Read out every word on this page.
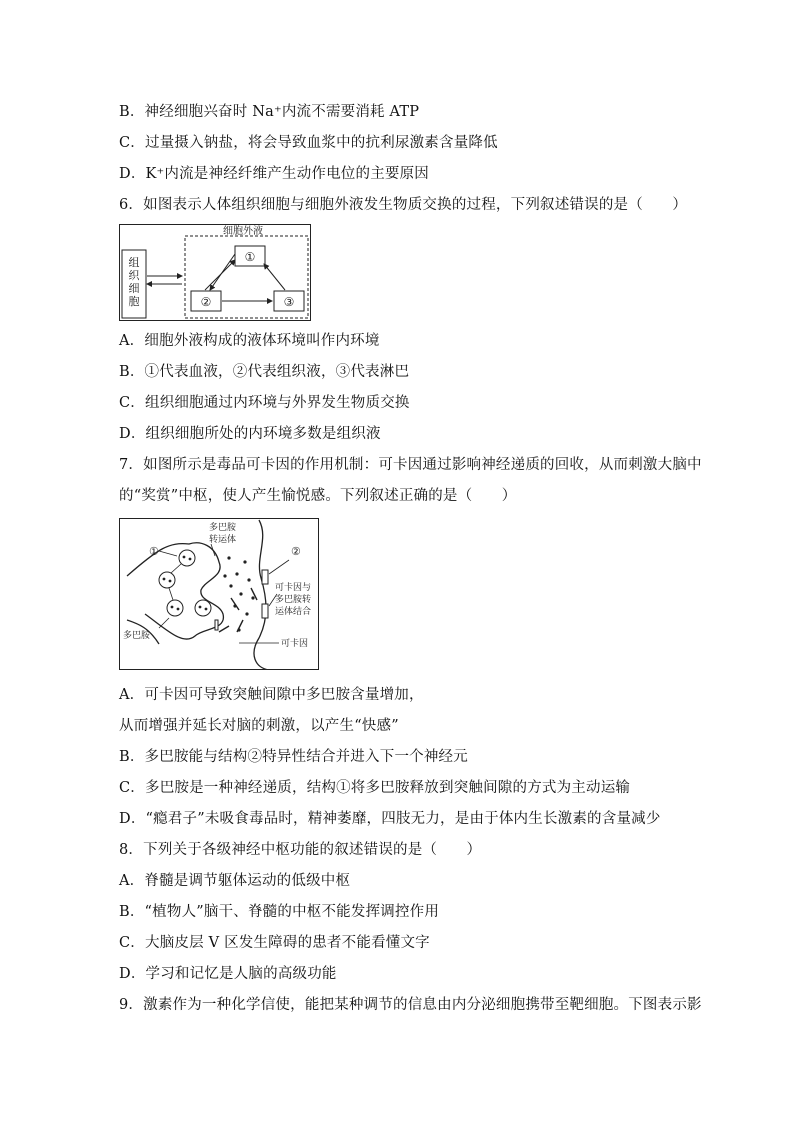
B．神经细胞兴奋时 Na⁺内流不需要消耗 ATP
C．过量摄入钠盐，将会导致血浆中的抗利尿激素含量降低
D．K⁺内流是神经纤维产生动作电位的主要原因
6．如图表示人体组织细胞与细胞外液发生物质交换的过程，下列叙述错误的是（　　）
细胞外液
组
织
细
胞
①
②	③
A．细胞外液构成的液体环境叫作内环境
B．①代表血液，②代表组织液，③代表淋巴
C．组织细胞通过内环境与外界发生物质交换
D．组织细胞所处的内环境多数是组织液
7．如图所示是毒品可卡因的作用机制：可卡因通过影响神经递质的回收，从而刺激大脑中
的“奖赏”中枢，使人产生愉悦感。下列叙述正确的是（　　）
①	②
多巴胺
转运体
多巴胺
可卡因与
多巴胺转
运体结合
可卡因
A．可卡因可导致突触间隙中多巴胺含量增加，
从而增强并延长对脑的刺激，以产生“快感”
B．多巴胺能与结构②特异性结合并进入下一个神经元
C．多巴胺是一种神经递质，结构①将多巴胺释放到突触间隙的方式为主动运输
D．“瘾君子”未吸食毒品时，精神萎靡，四肢无力，是由于体内生长激素的含量减少
8．下列关于各级神经中枢功能的叙述错误的是（　　）
A．脊髓是调节躯体运动的低级中枢
B．“植物人”脑干、脊髓的中枢不能发挥调控作用
C．大脑皮层 V 区发生障碍的患者不能看懂文字
D．学习和记忆是人脑的高级功能
9．激素作为一种化学信使，能把某种调节的信息由内分泌细胞携带至靶细胞。下图表示影
